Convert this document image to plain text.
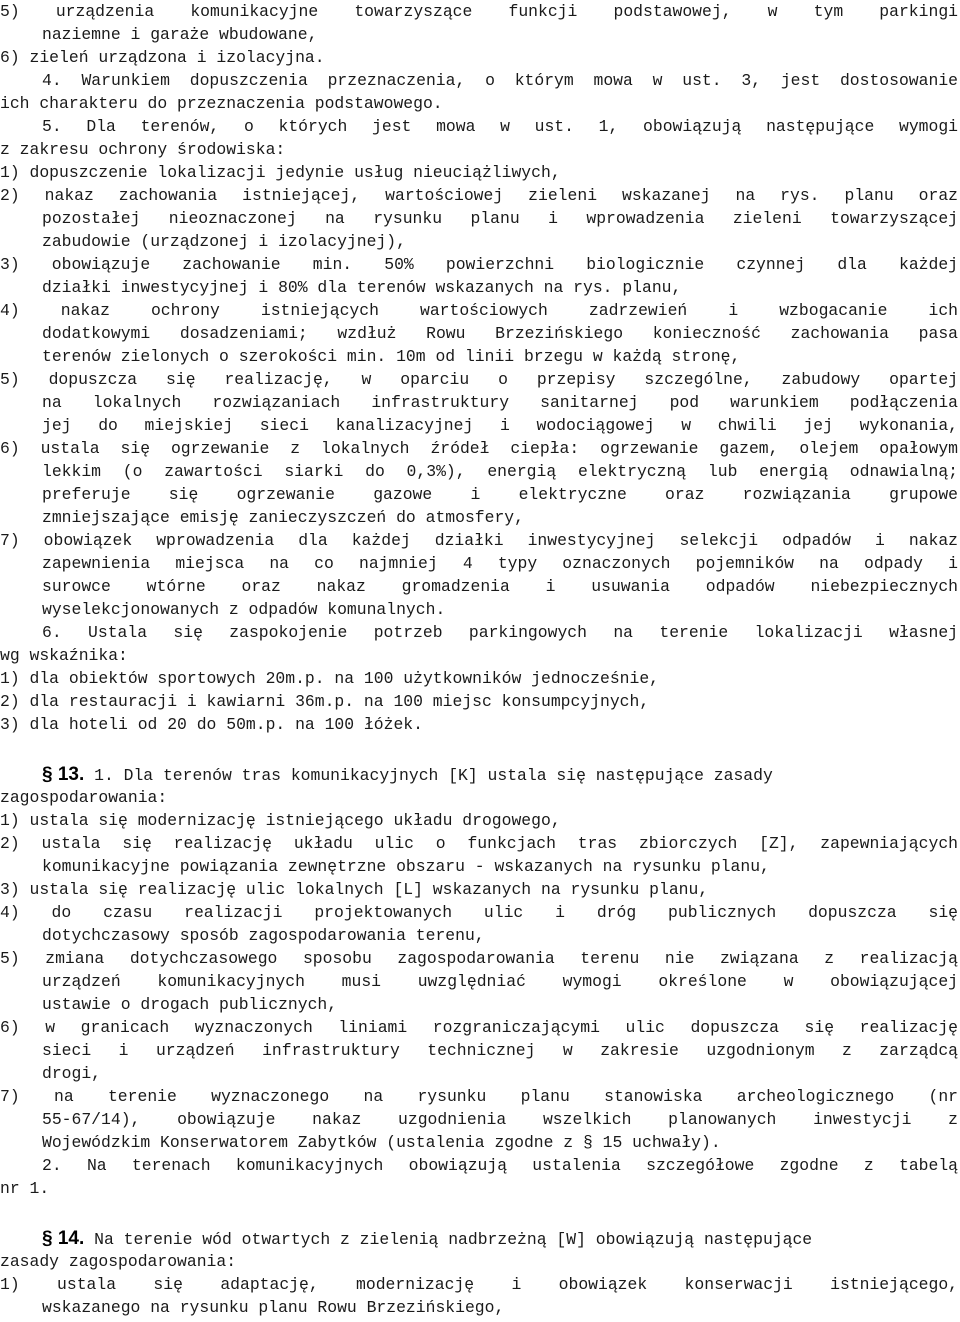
5) urządzenia komunikacyjne towarzyszące funkcji podstawowej, w tym parkingi
naziemne i garaże wbudowane,
6) zieleń urządzona i izolacyjna.
4. Warunkiem dopuszczenia przeznaczenia, o którym mowa w ust. 3, jest dostosowanie
ich charakteru do przeznaczenia podstawowego.
5. Dla terenów, o których jest mowa w ust. 1, obowiązują następujące wymogi
z zakresu ochrony środowiska:
1) dopuszczenie lokalizacji jedynie usług nieuciążliwych,
2) nakaz zachowania istniejącej, wartościowej zieleni wskazanej na rys. planu oraz
pozostałej nieoznaczonej na rysunku planu i wprowadzenia zieleni towarzyszącej
zabudowie (urządzonej i izolacyjnej),
3) obowiązuje zachowanie min. 50% powierzchni biologicznie czynnej dla każdej
działki inwestycyjnej i 80% dla terenów wskazanych na rys. planu,
4) nakaz ochrony istniejących wartościowych zadrzewień i wzbogacanie ich
dodatkowymi dosadzeniami; wzdłuż Rowu Brzezińskiego konieczność zachowania pasa
terenów zielonych o szerokości min. 10m od linii brzegu w każdą stronę,
5) dopuszcza się realizację, w oparciu o przepisy szczególne, zabudowy opartej
na lokalnych rozwiązaniach infrastruktury sanitarnej pod warunkiem podłączenia
jej do miejskiej sieci kanalizacyjnej i wodociągowej w chwili jej wykonania,
6) ustala się ogrzewanie z lokalnych źródeł ciepła: ogrzewanie gazem, olejem opałowym
lekkim (o zawartości siarki do 0,3%), energią elektryczną lub energią odnawialną;
preferuje się ogrzewanie gazowe i elektryczne oraz rozwiązania grupowe
zmniejszające emisję zanieczyszczeń do atmosfery,
7) obowiązek wprowadzenia dla każdej działki inwestycyjnej selekcji odpadów i nakaz
zapewnienia miejsca na co najmniej 4 typy oznaczonych pojemników na odpady i
surowce wtórne oraz nakaz gromadzenia i usuwania odpadów niebezpiecznych
wyselekcjonowanych z odpadów komunalnych.
6. Ustala się zaspokojenie potrzeb parkingowych na terenie lokalizacji własnej
wg wskaźnika:
1) dla obiektów sportowych 20m.p. na 100 użytkowników jednocześnie,
2) dla restauracji i kawiarni 36m.p. na 100 miejsc konsumpcyjnych,
3) dla hoteli od 20 do 50m.p. na 100 łóżek.
§ 13. 1. Dla terenów tras komunikacyjnych [K] ustala się następujące zasady
zagospodarowania:
1) ustala się modernizację istniejącego układu drogowego,
2) ustala się realizację układu ulic o funkcjach tras zbiorczych [Z], zapewniających
komunikacyjne powiązania zewnętrzne obszaru - wskazanych na rysunku planu,
3) ustala się realizację ulic lokalnych [L] wskazanych na rysunku planu,
4) do czasu realizacji projektowanych ulic i dróg publicznych dopuszcza się
dotychczasowy sposób zagospodarowania terenu,
5) zmiana dotychczasowego sposobu zagospodarowania terenu nie związana z realizacją
urządzeń komunikacyjnych musi uwzględniać wymogi określone w obowiązującej
ustawie o drogach publicznych,
6) w granicach wyznaczonych liniami rozgraniczającymi ulic dopuszcza się realizację
sieci i urządzeń infrastruktury technicznej w zakresie uzgodnionym z zarządcą
drogi,
7) na terenie wyznaczonego na rysunku planu stanowiska archeologicznego (nr
55-67/14), obowiązuje nakaz uzgodnienia wszelkich planowanych inwestycji z
Wojewódzkim Konserwatorem Zabytków (ustalenia zgodne z § 15 uchwały).
2. Na terenach komunikacyjnych obowiązują ustalenia szczegółowe zgodne z tabelą
nr 1.
§ 14. Na terenie wód otwartych z zielenią nadbrzeżną [W] obowiązują następujące
zasady zagospodarowania:
1) ustala się adaptację, modernizację i obowiązek konserwacji istniejącego,
wskazanego na rysunku planu Rowu Brzezińskiego,
